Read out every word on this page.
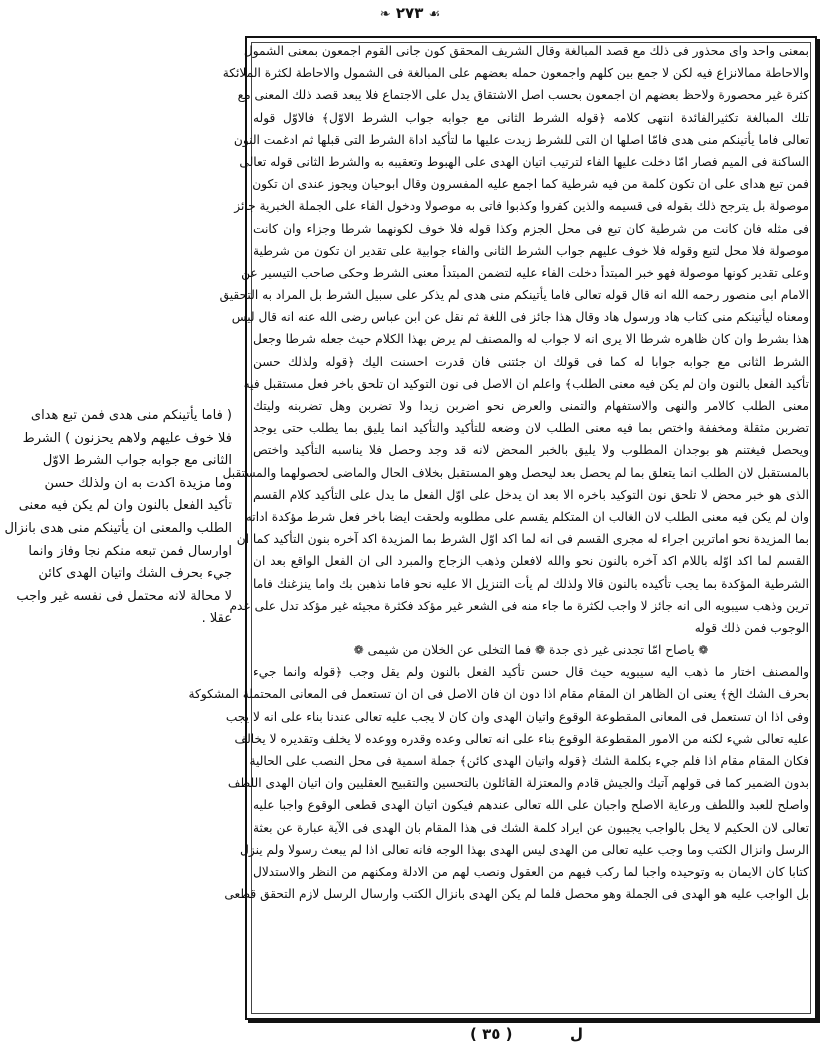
❧ ٢٧٣ ☙
بمعنى واحد وای محذور فی ذلك مع قصد المبالغة وقال الشریف المحقق کون جانی القوم اجمعون بمعنی الشمول
والاحاطة ممالانزاع فيه لكن لا جمع بين كلهم واجمعون حمله بعضهم على المبالغة فی الشمول والاحاطة لكثرة الملائكة
كثرة غير محصورة ولاحظ بعضهم ان اجمعون بحسب اصل الاشتقاق يدل على الاجتماع فلا يبعد قصد ذلك المعنى مع
تلك المبالغة تكثيرالفائدة انتهى كلامه ﴿قوله الشرط الثانى مع جوابه جواب الشرط الاوّل﴾ فالاوّل قوله
تعالى فاما يأتينكم منى هدى فامّا اصلها ان التى للشرط زيدت عليها ما لتأكيد اداة الشرط التى قبلها ثم ادغمت النون
الساكنة فى الميم فصار امّا دخلت عليها الفاء لترتيب اتيان الهدى على الهبوط وتعقيبه به والشرط الثانى قوله تعالى
فمن تبع هداى على ان تكون كلمة من فيه شرطية كما اجمع عليه المفسرون وقال ابوحيان ويجوز عندى ان تكون
موصولة بل يترجح ذلك بقوله فى قسيمه والذين كفروا وكذبوا فاتى به موصولا ودخول الفاء على الجملة الخبرية جائز
فى مثله فان كانت من شرطية كان تبع فى محل الجزم وكذا قوله فلا خوف لكونهما شرطا وجزاء وان كانت
موصولة فلا محل لتبع وقوله فلا خوف عليهم جواب الشرط الثانى والفاء جوابية على تقدير ان تكون من شرطية
وعلى تقدير كونها موصولة فهو خبر المبتدأ دخلت الفاء عليه لتضمن المبتدأ معنى الشرط وحكى صاحب التيسير عن
الامام ابى منصور رحمه الله انه قال قوله تعالى فاما يأتينكم منى هدى لم يذكر على سبيل الشرط بل المراد به التحقيق
ومعناه ليأتينكم منى كتاب هاد ورسول هاد وقال هذا جائز فى اللغة ثم نقل عن ابن عباس رضى الله عنه انه قال ليس
هذا بشرط وان كان ظاهره شرطا الا يرى انه لا جواب له والمصنف لم يرض بهذا الكلام حيث جعله شرطا وجعل
الشرط الثانى مع جوابه جوابا له كما فى قولك ان جئتنى فان قدرت احسنت اليك ﴿قوله ولذلك حسن
تأكيد الفعل بالنون وان لم يكن فيه معنى الطلب﴾ واعلم ان الاصل فى نون التوكيد ان تلحق باخر فعل مستقبل فيه
معنى الطلب كالامر والنهى والاستفهام والتمنى والعرض نحو اضربن زيدا ولا تضربن وهل تضربنه وليتك
تضربن مثقلة ومخففة واختص بما فيه معنى الطلب لان وضعه للتأكيد والتأكيد انما يليق بما يطلب حتى يوجد
ويحصل فيغتنم هو بوجدان المطلوب ولا يليق بالخبر المحض لانه قد وجد وحصل فلا يناسبه التأكيد واختص
بالمستقبل لان الطلب انما يتعلق بما لم يحصل بعد ليحصل وهو المستقبل بخلاف الحال والماضى لحصولهما والمستقبل
الذى هو خبر محض لا تلحق نون التوكيد باخره الا بعد ان يدخل على اوّل الفعل ما يدل على التأكيد كلام القسم
وان لم يكن فيه معنى الطلب لان الغالب ان المتكلم يقسم على مطلوبه ولحقت ايضا باخر فعل شرط مؤكدة اداته
بما المزيدة نحو اماترين اجراء له مجرى القسم فى انه لما اكد اوّل الشرط بما المزيدة اكد آخره بنون التأكيد كما ان
القسم لما اكد اوّله باللام اكد آخره بالنون نحو والله لافعلن وذهب الزجاج والمبرد الى ان الفعل الواقع بعد ان
الشرطية المؤكدة بما يجب تأكيده بالنون قالا ولذلك لم يأت التنزيل الا عليه نحو فاما نذهبن بك واما ينزغنك فاما
ترين وذهب سيبويه الى انه جائز لا واجب لكثرة ما جاء منه فى الشعر غير مؤكد فكثرة مجيئه غير مؤكد تدل على عدم
الوجوب فمن ذلك قوله
❁ ياصاح امّا تجدنى غير ذى جدة ❁ فما التخلى عن الخلان من شيمى ❁
والمصنف اختار ما ذهب اليه سيبويه حيث قال حسن تأكيد الفعل بالنون ولم يقل وجب ﴿قوله وانما جيء
بحرف الشك الخ﴾ يعنى ان الظاهر ان المقام مقام اذا دون ان فان الاصل فى ان ان تستعمل فى المعانى المحتملة المشكوكة
وفى اذا ان تستعمل فى المعانى المقطوعة الوقوع واتيان الهدى وان كان لا يجب عليه تعالى عندنا بناء على انه لا يجب
عليه تعالى شيء لكنه من الامور المقطوعة الوقوع بناء على انه تعالى وعده وقدره ووعده لا يخلف وتقديره لا يخالف
فكان المقام مقام اذا فلم جيء بكلمة الشك ﴿قوله واتيان الهدى كائن﴾ جملة اسمية فى محل النصب على الحالية
بدون الضمير كما فى قولهم آتيك والجيش قادم والمعتزلة القائلون بالتحسين والتقبيح العقليين وان اتيان الهدى اللطف
واصلح للعبد واللطف ورعاية الاصلح واجبان على الله تعالى عندهم فيكون اتيان الهدى قطعى الوقوع واجبا عليه
تعالى لان الحكيم لا يخل بالواجب يجيبون عن ايراد كلمة الشك فى هذا المقام بان الهدى فى الآية عبارة عن بعثة
الرسل وانزال الكتب وما وجب عليه تعالى من الهدى ليس الهدى بهذا الوجه فانه تعالى اذا لم يبعث رسولا ولم ينزل
كتابا كان الايمان به وتوحيده واجبا لما ركب فيهم من العقول ونصب لهم من الادلة ومكنهم من النظر والاستدلال
بل الواجب عليه هو الهدى فى الجملة وهو محصل فلما لم يكن الهدى بانزال الكتب وارسال الرسل لازم التحقق قطعى
( فاما يأتينكم منى هدى فمن تبع هداى
فلا خوف عليهم ولاهم يحزنون ) الشرط
الثانى مع جوابه جواب الشرط الاوّل
وما مزيدة اكدت به ان ولذلك حسن
تأكيد الفعل بالنون وان لم يكن فيه معنى
الطلب والمعنى ان يأتينكم منى هدى بانزال
اوارسال فمن تبعه منكم نجا وفاز وانما
جيء بحرف الشك واتيان الهدى كائن
لا محالة لانه محتمل فى نفسه غير واجب
عقلا .
ل
( ٣٥ )
